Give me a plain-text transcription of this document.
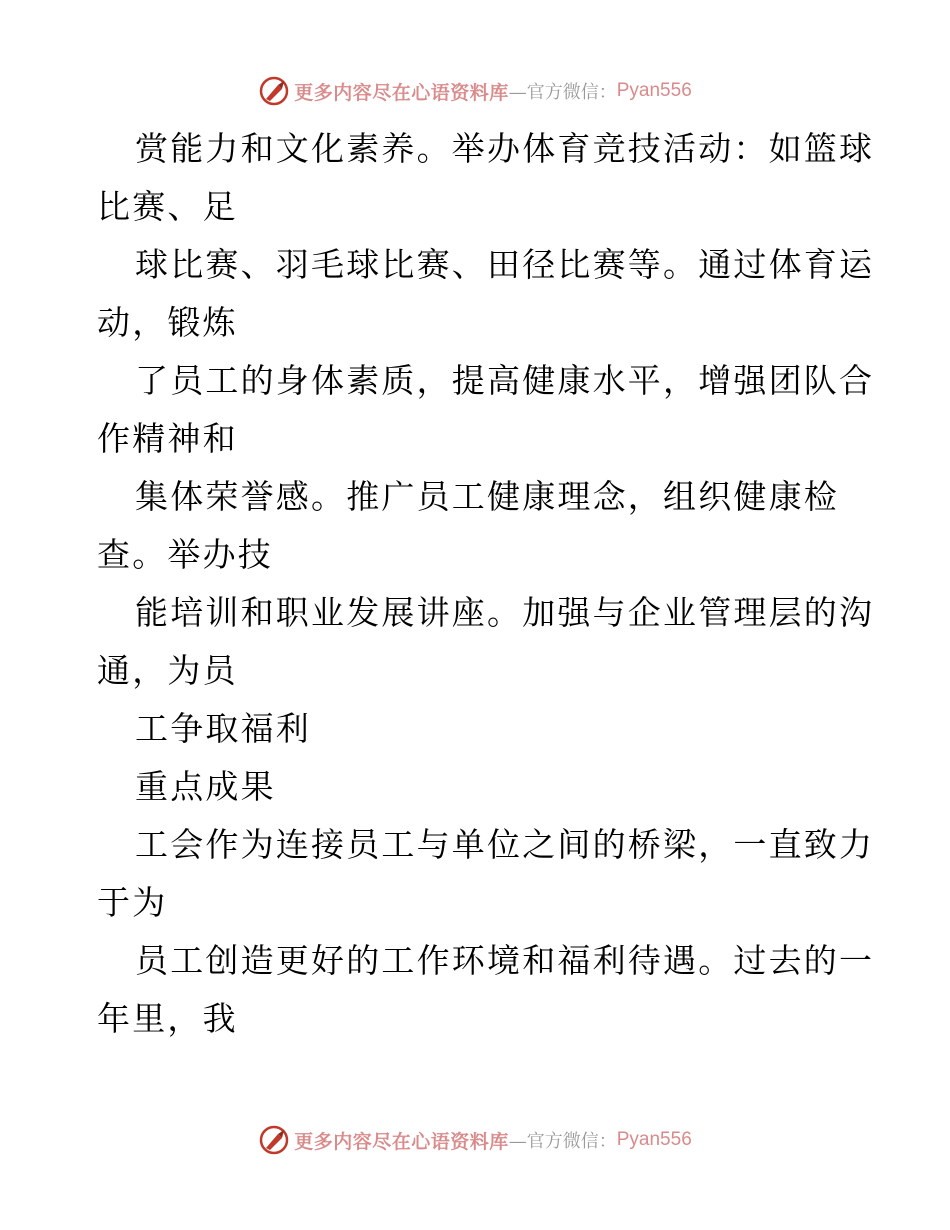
更多内容尽在心语资料库 —官方微信： Pyan556
赏能力和文化素养。举办体育竞技活动：如篮球
比赛、足
球比赛、羽毛球比赛、田径比赛等。通过体育运
动，锻炼
了员工的身体素质，提高健康水平，增强团队合
作精神和
集体荣誉感。推广员工健康理念，组织健康检
查。举办技
能培训和职业发展讲座。加强与企业管理层的沟
通，为员
工争取福利
重点成果
工会作为连接员工与单位之间的桥梁，一直致力
于为
员工创造更好的工作环境和福利待遇。过去的一
年里，我
更多内容尽在心语资料库 —官方微信： Pyan556
